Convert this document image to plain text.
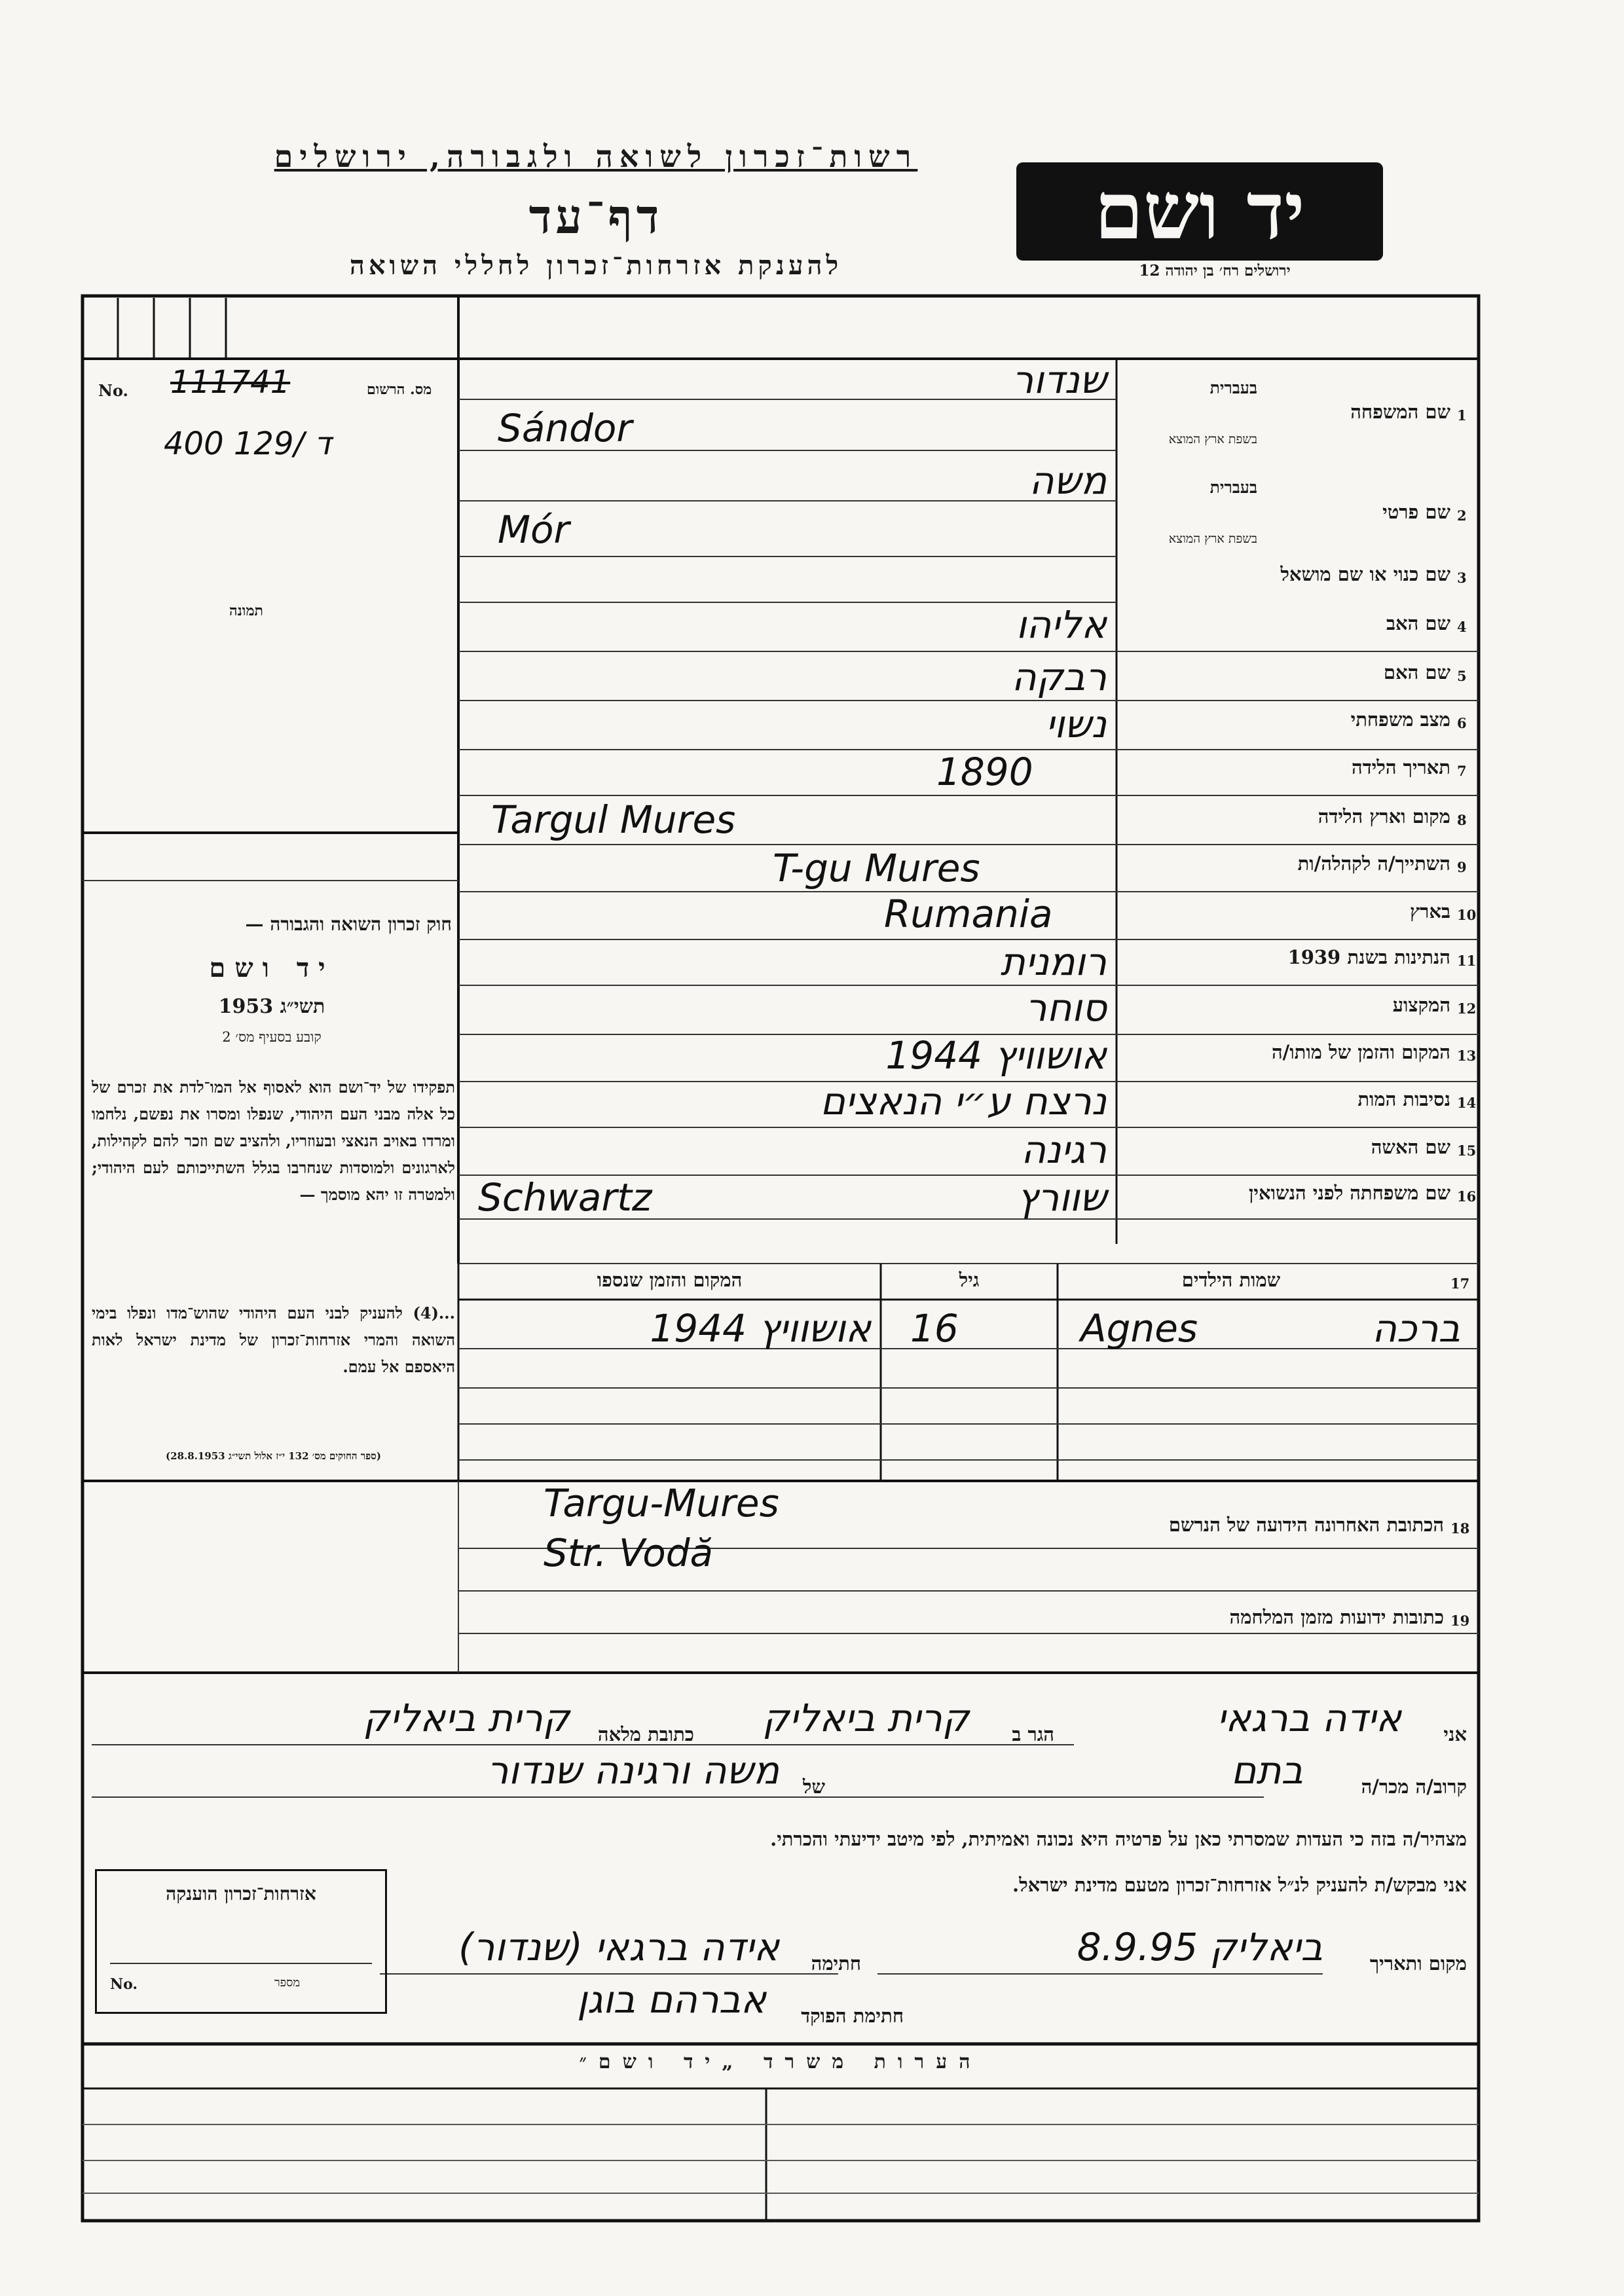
רשות־זכרון לשואה ולגבורה, ירושלים
דף־עד
להענקת אזרחות־זכרון לחללי השואה
יד ושם
ירושלים רח׳ בן יהודה 12
No. 111741	מס. הרשום
400 129/ ד
תמונה
חוק זכרון השואה והגבורה —
יד ושם
תשי״ג 1953
קובע בסעיף מס׳ 2
תפקידו של יד־ושם הוא לאסוף אל המו־לדת את זכרם של כל אלה מבני העם היהודי, שנפלו ומסרו את נפשם, נלחמו ומרדו באויב הנאצי ובעוזריו, ולהציב שם וזכר להם לקהילות, לארגונים ולמוסדות שנחרבו בגלל השתייכותם לעם היהודי; ולמטרה זו יהא מוסמך —
...(4) להעניק לבני העם היהודי שהוש־מדו ונפלו בימי השואה והמרי אזרחות־זכרון של מדינת ישראל לאות היאספם אל עמם.
(ספר החוקים מס׳ 132 י״ז אלול תשי״ג 28.8.1953)
1
שם המשפחה
בעברית
בשפת ארץ המוצא
שנדור
Sándor
2
שם פרטי
בעברית
בשפת ארץ המוצא
משה
Mór
3
שם כנוי או שם מושאל
4
שם האב
אליהו
5
שם האם
רבקה
6
מצב משפחתי
נשוי
7
תאריך הלידה
1890
8
מקום וארץ הלידה
Targul Mures
9
השתייך/ה לקהלה/ות
T-gu Mures
10
בארץ
Rumania
11
הנתינות בשנת 1939
רומנית
12
המקצוע
סוחר
13
המקום והזמן של מותו/ה
אושוויץ 1944
14
נסיבות המות
נרצח ע״י הנאצים
15
שם האשה
רגינה
16
שם משפחתה לפני הנשואין
שוורץ
Schwartz
17
שמות הילדים
גיל
המקום והזמן שנספו
ברכה
Agnes
16
אושוויץ 1944
18
הכתובת האחרונה הידועה של הנרשם
Targu-Mures
Str. Vodă
19
כתובות ידועות מזמן המלחמה
אני
אידה ברגאי
הגר ב
קרית ביאליק
כתובת מלאה
קרית ביאליק
קרוב/ה מכר/ה
בתם
של
משה ורגינה שנדור
מצהיר/ה בזה כי העדות שמסרתי כאן על פרטיה היא נכונה ואמיתית, לפי מיטב ידיעתי והכרתי.
אני מבקש/ת להעניק לנ״ל אזרחות־זכרון מטעם מדינת ישראל.
מקום ותאריך
ביאליק 8.9.95
חתימה
אידה ברגאי (שנדור)
חתימת הפוקד
אברהם בוגן
אזרחות־זכרון הוענקה
No.	מספר
הערות משרד „יד ושם״
